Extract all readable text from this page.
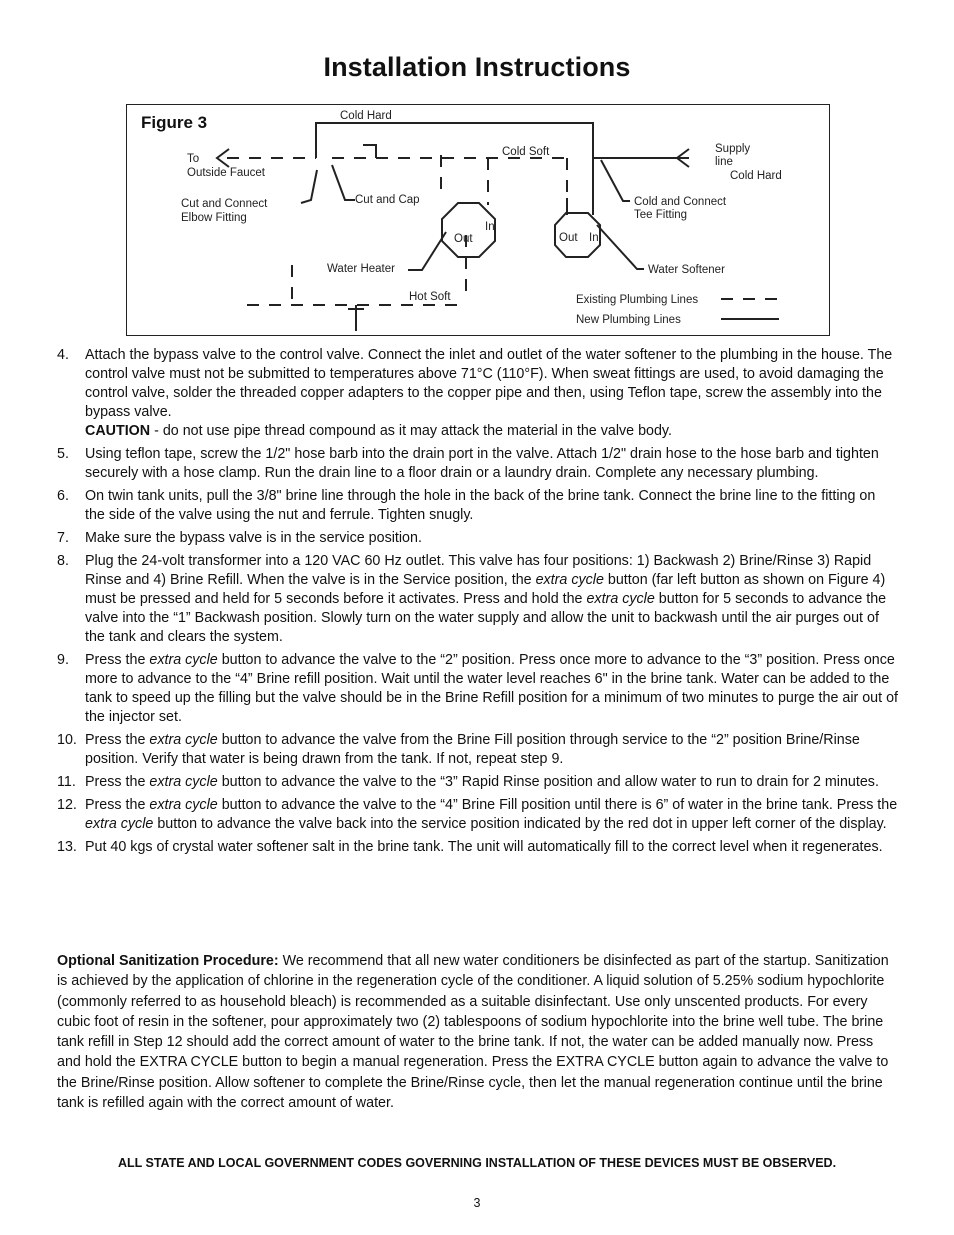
Installation Instructions
Figure 3	Cold Hard
To
Outside Faucet
Cold Soft	Supply
line
Cold Hard
Cut and Connect
Elbow Fitting
Cut and Cap	Cold and Connect
Tee Fitting
In
Out	Out In
Water Heater	Water Softener
Hot Soft	Existing Plumbing Lines
New Plumbing Lines
4.	Attach the bypass valve to the control valve. Connect the inlet and outlet of the water softener to the plumbing in the house. The control valve must not be submitted to temperatures above 71°C (110°F). When sweat fittings are used, to avoid damaging the control valve, solder the threaded copper adapters to the copper pipe and then, using Teflon tape, screw the assembly into the bypass valve.
CAUTION - do not use pipe thread compound as it may attack the material in the valve body.
5.	Using teflon tape, screw the 1/2" hose barb into the drain port in the valve. Attach 1/2" drain hose to the hose barb and tighten securely with a hose clamp. Run the drain line to a floor drain or a laundry drain. Complete any necessary plumbing.
6.	On twin tank units, pull the 3/8" brine line through the hole in the back of the brine tank. Connect the brine line to the fitting on the side of the valve using the nut and ferrule. Tighten snugly.
7.	Make sure the bypass valve is in the service position.
8.	Plug the 24-volt transformer into a 120 VAC 60 Hz outlet. This valve has four positions: 1) Backwash 2) Brine/Rinse 3) Rapid Rinse and 4) Brine Refill. When the valve is in the Service position, the extra cycle button (far left button as shown on Figure 4) must be pressed and held for 5 seconds before it activates. Press and hold the extra cycle button for 5 seconds to advance the valve into the “1” Backwash position. Slowly turn on the water supply and allow the unit to backwash until the air purges out of the tank and clears the system.
9.	Press the extra cycle button to advance the valve to the “2” position. Press once more to advance to the “3” position. Press once more to advance to the “4” Brine refill position. Wait until the water level reaches 6" in the brine tank. Water can be added to the tank to speed up the filling but the valve should be in the Brine Refill position for a minimum of two minutes to purge the air out of the injector set.
10. Press the extra cycle button to advance the valve from the Brine Fill position through service to the “2” position Brine/Rinse position. Verify that water is being drawn from the tank. If not, repeat step 9.
11. Press the extra cycle button to advance the valve to the “3” Rapid Rinse position and allow water to run to drain for 2 minutes.
12. Press the extra cycle button to advance the valve to the “4” Brine Fill position until there is 6” of water in the brine tank. Press the extra cycle button to advance the valve back into the service position indicated by the red dot in upper left corner of the display.
13. Put 40 kgs of crystal water softener salt in the brine tank. The unit will automatically fill to the correct level when it regenerates.
Optional Sanitization Procedure: We recommend that all new water conditioners be disinfected as part of the startup. Sanitization is achieved by the application of chlorine in the regeneration cycle of the conditioner. A liquid solution of 5.25% sodium hypochlorite (commonly referred to as household bleach) is recommended as a suitable disinfectant. Use only unscented products. For every cubic foot of resin in the softener, pour approximately two (2) tablespoons of sodium hypochlorite into the brine well tube. The brine tank refill in Step 12 should add the correct amount of water to the brine tank. If not, the water can be added manually now. Press and hold the EXTRA CYCLE button to begin a manual regeneration. Press the EXTRA CYCLE button again to advance the valve to the Brine/Rinse position. Allow softener to complete the Brine/Rinse cycle, then let the manual regeneration continue until the brine tank is refilled again with the correct amount of water.
ALL STATE AND LOCAL GOVERNMENT CODES GOVERNING INSTALLATION OF THESE DEVICES MUST BE OBSERVED.
3
